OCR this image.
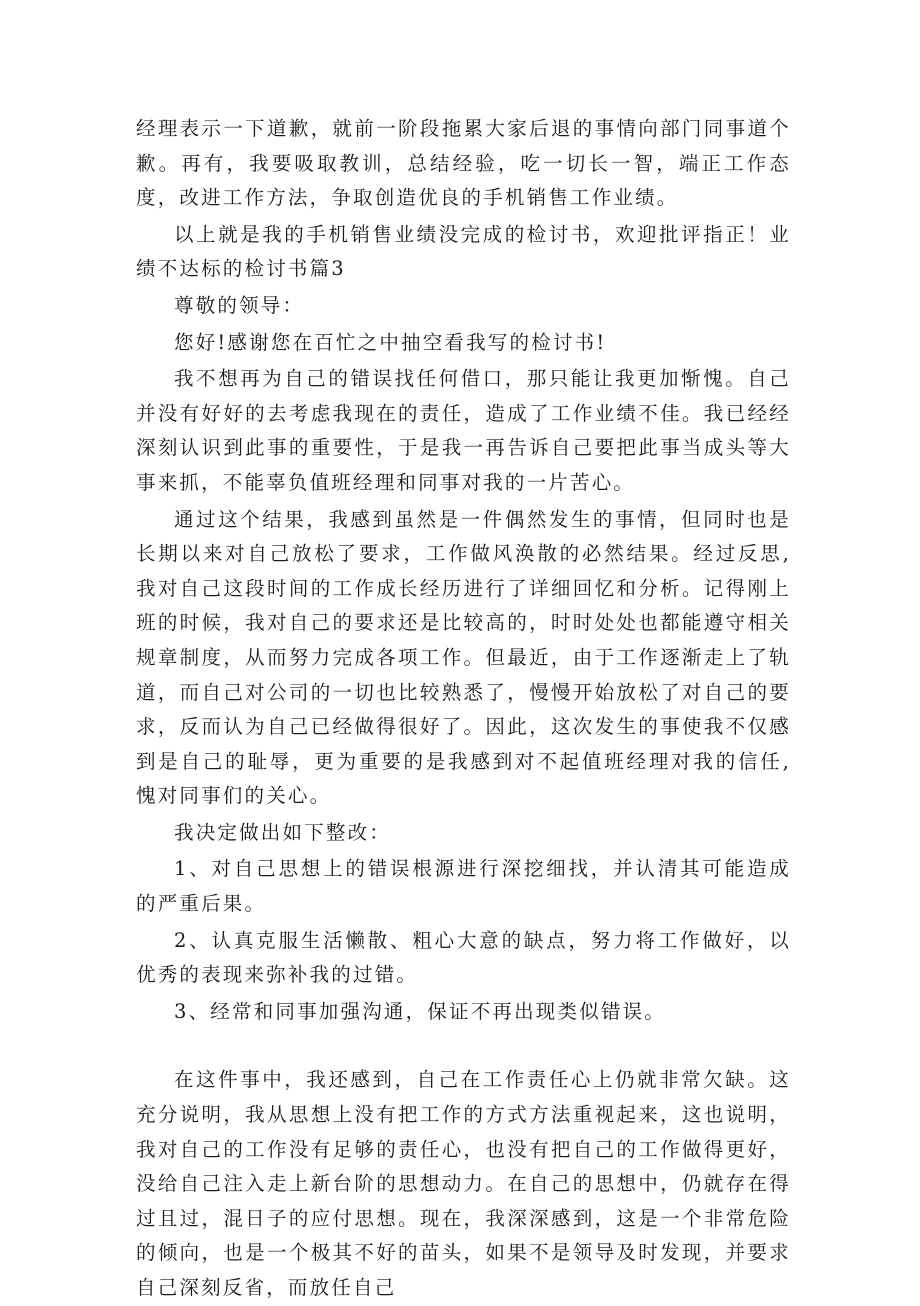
经理表示一下道歉，就前一阶段拖累大家后退的事情向部门同事道个歉。再有，我要吸取教训，总结经验，吃一切长一智，端正工作态度，改进工作方法，争取创造优良的手机销售工作业绩。

以上就是我的手机销售业绩没完成的检讨书，欢迎批评指正！业绩不达标的检讨书篇3

尊敬的领导：

您好!感谢您在百忙之中抽空看我写的检讨书!

我不想再为自己的错误找任何借口，那只能让我更加惭愧。自己并没有好好的去考虑我现在的责任，造成了工作业绩不佳。我已经经深刻认识到此事的重要性，于是我一再告诉自己要把此事当成头等大事来抓，不能辜负值班经理和同事对我的一片苦心。

通过这个结果，我感到虽然是一件偶然发生的事情，但同时也是长期以来对自己放松了要求，工作做风涣散的必然结果。经过反思,我对自己这段时间的工作成长经历进行了详细回忆和分析。记得刚上班的时候，我对自己的要求还是比较高的，时时处处也都能遵守相关规章制度，从而努力完成各项工作。但最近，由于工作逐渐走上了轨道，而自己对公司的一切也比较熟悉了，慢慢开始放松了对自己的要求，反而认为自己已经做得很好了。因此，这次发生的事使我不仅感到是自己的耻辱，更为重要的是我感到对不起值班经理对我的信任,愧对同事们的关心。

我决定做出如下整改：

1、对自己思想上的错误根源进行深挖细找，并认清其可能造成的严重后果。

2、认真克服生活懒散、粗心大意的缺点，努力将工作做好，以优秀的表现来弥补我的过错。

3、经常和同事加强沟通，保证不再出现类似错误。

在这件事中，我还感到，自己在工作责任心上仍就非常欠缺。这充分说明，我从思想上没有把工作的方式方法重视起来，这也说明，我对自己的工作没有足够的责任心，也没有把自己的工作做得更好，没给自己注入走上新台阶的思想动力。在自己的思想中，仍就存在得过且过，混日子的应付思想。现在，我深深感到，这是一个非常危险的倾向，也是一个极其不好的苗头，如果不是领导及时发现，并要求自己深刻反省，而放任自己
